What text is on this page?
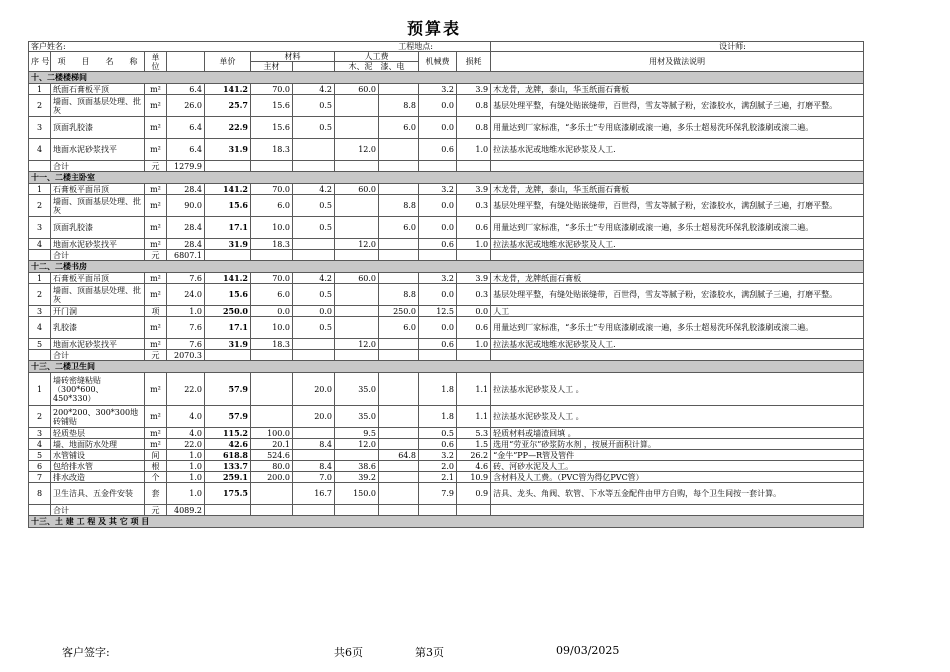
预算表
客户姓名: 工程地点:											设计师:
序 号	项　　目　　名　　称	单 位		单价	材料		人工费		机械费	损耗	用材及做法说明
					主材		木、泥　漆、电				
十、二楼楼梯间											
1	纸面石膏板平顶	m²	6.4	141.2	70.0	4.2	60.0		3.2	3.9	木龙骨，龙牌，泰山，华玉纸面石膏板
2	墙面、顶面基层处理、批灰	m²	26.0	25.7	15.6	0.5		8.8	0.0	0.8	基层处理平整，有缝处贴嵌缝带，百世得，雪友等腻子粉，宏漆胶水，满刮腻子三遍，打磨平整。
3	顶面乳胶漆	m²	6.4	22.9	15.6	0.5		6.0	0.0	0.8	用量达到厂家标准，“多乐士”专用底漆刷或滚一遍，多乐士超易洗环保乳胶漆刷或滚二遍。
4	地面水泥砂浆找平	m²	6.4	31.9	18.3		12.0		0.6	1.0	拉法基水泥或地维水泥砂浆及人工.
	合计	元	1279.9								
十一、二楼主卧室											
1	石膏板平面吊顶	m²	28.4	141.2	70.0	4.2	60.0		3.2	3.9	木龙骨，龙牌，泰山，华玉纸面石膏板
2	墙面、顶面基层处理、批灰	m²	90.0	15.6	6.0	0.5		8.8	0.0	0.3	基层处理平整，有缝处贴嵌缝带，百世得，雪友等腻子粉，宏漆胶水，满刮腻子三遍，打磨平整。
3	顶面乳胶漆	m²	28.4	17.1	10.0	0.5		6.0	0.0	0.6	用量达到厂家标准，“多乐士”专用底漆刷或滚一遍，多乐士超易洗环保乳胶漆刷或滚二遍。
4	地面水泥砂浆找平	m²	28.4	31.9	18.3		12.0		0.6	1.0	拉法基水泥或地维水泥砂浆及人工.
	合计	元	6807.1								
十二、二楼书房											
1	石膏板平面吊顶	m²	7.6	141.2	70.0	4.2	60.0		3.2	3.9	木龙骨，龙牌纸面石膏板
2	墙面、顶面基层处理、批灰	m²	24.0	15.6	6.0	0.5		8.8	0.0	0.3	基层处理平整，有缝处贴嵌缝带，百世得，雪友等腻子粉，宏漆胶水，满刮腻子三遍，打磨平整。
3	开门洞	项	1.0	250.0	0.0	0.0		250.0	12.5	0.0	人工
4	乳胶漆	m²	7.6	17.1	10.0	0.5		6.0	0.0	0.6	用量达到厂家标准，“多乐士”专用底漆刷或滚一遍，多乐士超易洗环保乳胶漆刷或滚二遍。
5	地面水泥砂浆找平	m²	7.6	31.9	18.3		12.0		0.6	1.0	拉法基水泥或地维水泥砂浆及人工.
	合计	元	2070.3								
十三、二楼卫生间											
1	墙砖密缝粘贴（300*600、450*330）	m²	22.0	57.9		20.0	35.0		1.8	1.1	拉法基水泥砂浆及人工 。
2	200*200、300*300地砖铺贴	m²	4.0	57.9		20.0	35.0		1.8	1.1	拉法基水泥砂浆及人工 。
3	轻质垫层	m²	4.0	115.2	100.0		9.5		0.5	5.3	轻质材料或墙渣回填 。
4	墙、地面防水处理	m²	22.0	42.6	20.1	8.4	12.0		0.6	1.5	选用“劳亚尔”砂浆防水剂 ，按展开面积计算。
5	水管铺设	间	1.0	618.8	524.6			64.8	3.2	26.2	“金牛”PP—R管及管件
6	包给排水管	根	1.0	133.7	80.0	8.4	38.6		2.0	4.6	砖、河砂水泥及人工。
7	排水改造	个	1.0	259.1	200.0	7.0	39.2		2.1	10.9	含材料及人工费。（PVC管为得亿PVC管）
8	卫生洁具、五金件安装	套	1.0	175.5		16.7	150.0		7.9	0.9	洁具、龙头、角阀、软管、下水等五金配件由甲方自购，每个卫生间按一套计算。
	合计	元	4089.2								
十三、土 建 工 程 及 其 它 项 目											
客户签字:	共6页	第3页	09/03/2025
